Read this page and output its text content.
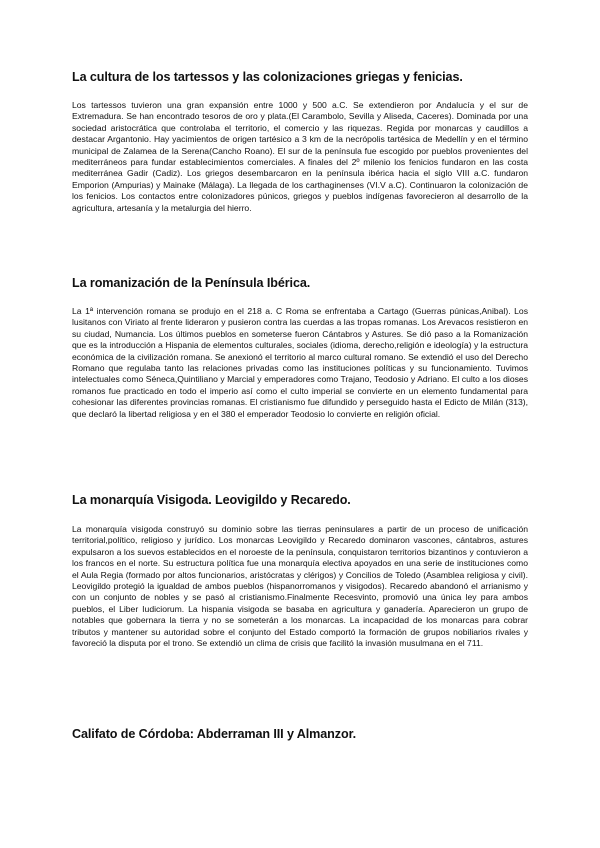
La cultura de los tartessos y las colonizaciones griegas y fenicias.

Los tartessos tuvieron una gran expansión entre 1000 y 500 a.C. Se extendieron por Andalucía y el sur de Extremadura. Se han encontrado tesoros de oro y plata.(El Carambolo, Sevilla y Aliseda, Caceres). Dominada por una sociedad aristocrática que controlaba el territorio, el comercio y las riquezas. Regida por monarcas y caudillos a destacar Argantonio. Hay yacimientos de origen tartésico a 3 km de la necrópolis tartésica de Medellín y en el término municipal de Zalamea de la Serena(Cancho Roano). El sur de la península fue escogido por pueblos provenientes del mediterráneos para fundar establecimientos comerciales. A finales del 2º milenio los fenicios fundaron en las costa mediterránea Gadir (Cadiz). Los griegos desembarcaron en la península ibérica hacia el siglo VIII a.C. fundaron Emporion (Ampurias) y Mainake (Málaga). La llegada de los carthaginenses (VI.V a.C). Continuaron la colonización de los fenicios. Los contactos entre colonizadores púnicos, griegos y pueblos indígenas favorecieron al desarrollo de la agricultura, artesanía y la metalurgia del hierro.

La romanización de la Península Ibérica.

La 1ª intervención romana se produjo en el 218 a. C Roma se enfrentaba a Cartago (Guerras púnicas,Anibal). Los lusitanos con Viriato al frente lideraron y pusieron contra las cuerdas a las tropas romanas. Los Arevacos resistieron en su ciudad, Numancia. Los últimos pueblos en someterse fueron Cántabros y Astures. Se dió paso a la Romanización que es la introducción a Hispania de elementos culturales, sociales (idioma, derecho,religión e ideología) y la estructura económica de la civilización romana. Se anexionó el territorio al marco cultural romano. Se extendió el uso del Derecho Romano que regulaba tanto las relaciones privadas como las instituciones políticas y su funcionamiento. Tuvimos intelectuales como Séneca,Quintiliano y Marcial y emperadores como Trajano, Teodosio y Adriano. El culto a los dioses romanos fue practicado en todo el imperio así como el culto imperial se convierte en un elemento fundamental para cohesionar las diferentes provincias romanas. El cristianismo fue difundido y perseguido hasta el Edicto de Milán (313), que declaró la libertad religiosa y en el 380 el emperador Teodosio lo convierte en religión oficial.

La monarquía Visigoda. Leovigildo y Recaredo.

La monarquía visigoda construyó su dominio sobre las tierras peninsulares a partir de un proceso de unificación territorial,político, religioso y jurídico. Los monarcas Leovigildo y Recaredo dominaron vascones, cántabros, astures expulsaron a los suevos establecidos en el noroeste de la península, conquistaron territorios bizantinos y contuvieron a los francos en el norte. Su estructura política fue una monarquía electiva apoyados en una serie de instituciones como el Aula Regia (formado por altos funcionarios, aristócratas y clérigos) y Concilios de Toledo (Asamblea religiosa y civil). Leovigildo protegió la igualdad de ambos pueblos (hispanorromanos y visigodos). Recaredo abandonó el arrianismo y con un conjunto de nobles y se pasó al cristianismo.Finalmente Recesvinto, promovió una única ley para ambos pueblos, el Liber Iudiciorum. La hispania visigoda se basaba en agricultura y ganadería. Aparecieron un grupo de notables que gobernara la tierra y no se someterán a los monarcas. La incapacidad de los monarcas para cobrar tributos y mantener su autoridad sobre el conjunto del Estado comportó la formación de grupos nobiliarios rivales y favoreció la disputa por el trono. Se extendió un clima de crisis que facilitó la invasión musulmana en el 711.

Califato de Córdoba: Abderraman III y Almanzor.
